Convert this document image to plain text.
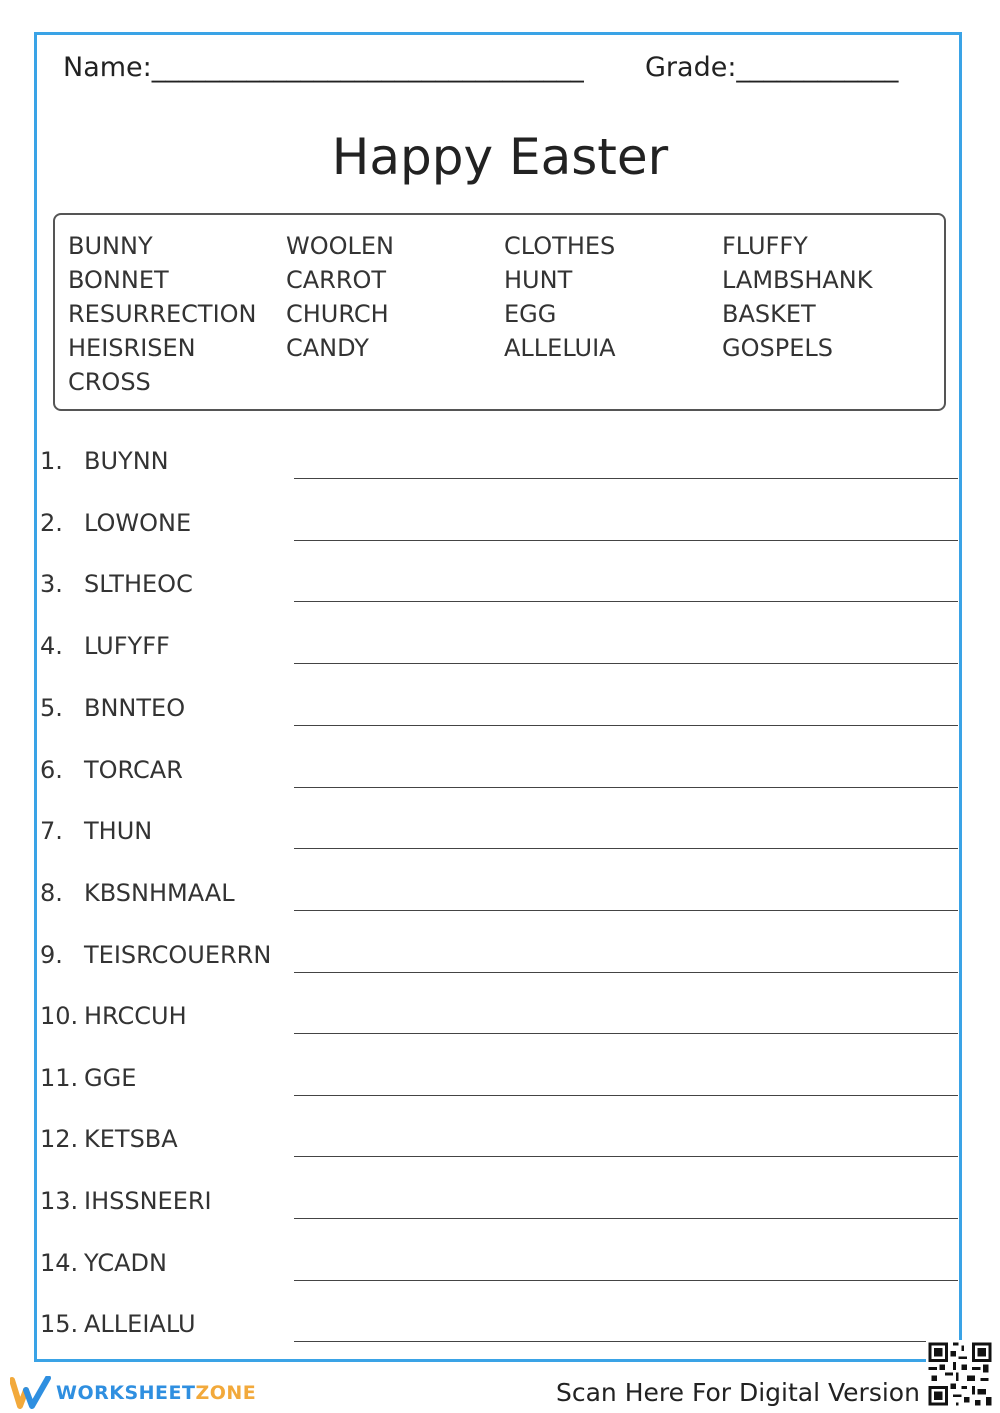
Name:________________________________ Grade:____________
Happy Easter
BUNNY
BONNET
RESURRECTION
HEISRISEN
CROSS
WOOLEN
CARROT
CHURCH
CANDY
CLOTHES
HUNT
EGG
ALLELUIA
FLUFFY
LAMBSHANK
BASKET
GOSPELS
1. BUYNN
2. LOWONE
3. SLTHEOC
4. LUFYFF
5. BNNTEO
6. TORCAR
7. THUN
8. KBSNHMAAL
9. TEISRCOUERRN
10. HRCCUH
11. GGE
12. KETSBA
13. IHSSNEERI
14. YCADN
15. ALLEIALU
WORKSHEETZONE	Scan Here For Digital Version
